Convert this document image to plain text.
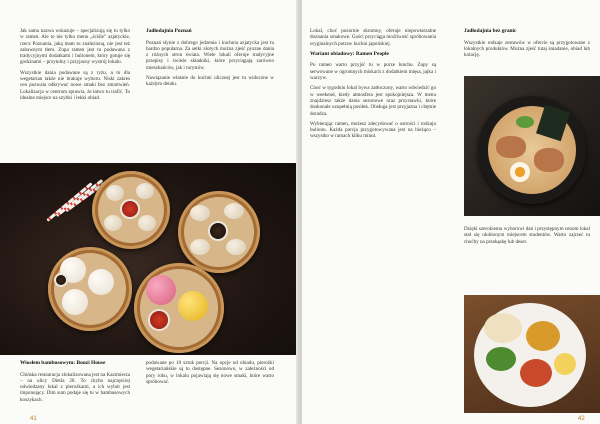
Jak sama nazwa wskazuje – specjalizują się tu tylko w ramen. Ale to nie tylko menu „ściśle” azjatyckie, rzecz Poznania, jaką mam tu znalezioną, nie jest też zabawnym tłem. Zupa ramen jest tu podawana z tradycyjnymi dodatkami i bulionem, który gotuje się godzinami – przytulny i przyjazny wystrój lokalu.

Wszystkie dania podawane są z ryżu, a to dla wegetarian także nie brakuje wyboru. Niski zakres cen pozwala odkrywać nowe smaki bez zmartwień. Lokalizacja w centrum sprawia, że łatwo tu trafić. To idealne miejsce na szybki i lekki obiad.

Jadłodajnia Poznań

Poznań słynie z dobrego jedzenia i kuchnia azjatycka jest tu bardzo popularna. Za setki złotych można zjeść pyszne dania z różnych stron świata. Wiele lokali oferuje tradycyjne przepisy i świeże składniki, które przyciągają zarówno mieszkańców, jak i turystów.

Nawiązanie właśnie do kuchni ulicznej jest tu widoczne w każdym detalu.

Wiosłem bambusowym: Bouzi House

Chińska restauracja zlokalizowana jest na Kazimierza – na ulicy Dietla 28. To chyba najczęściej odwiedzany lokal z pierożkami, a ich wybór jest imponujący. Dim sum podaje się tu w bambusowych koszykach.

podawane po 10 sztuk porcji. Na opcje od obiadu, pierożki wegetariańskie są tu dostępne. Sezonowo, w zależności od pory roku, w lokalu pojawiają się nowe smaki, które warto spróbować.

41

Lokal, choć pozornie skromny, oferuje niepowtarzalne doznania smakowe. Gości przyciąga możliwość spróbowania oryginalnych potraw kuchni japońskiej.

Wariant obiadowy: Ramen People

Po ramen warto przyjść tu w porze lunchu. Zupy są serwowane w ogromnych miskach z dodatkiem mięsa, jajka i warzyw.

Choć w tygodniu lokal bywa zatłoczony, warto odwiedzić go w weekend, kiedy atmosfera jest spokojniejsza. W menu znajdziesz także dania sezonowe oraz przystawki, które doskonale uzupełnią posiłek. Obsługa jest przyjazna i chętnie doradza.

Wybierając ramen, możesz zdecydować o ostrości i rodzaju bulionu. Każda porcja przygotowywana jest na bieżąco – wszystko w ramach kilku minut.

Jadłodajnia bez granic

Wszystkie rodzaje zestawów w ofercie są przygotowane z lokalnych produktów. Można zjeść tutaj śniadanie, obiad lub kolację.

Dzięki szerokiemu wyborowi dań i przystępnym cenom lokal stał się ulubionym miejscem studentów. Warto zajrzeć tu choćby na przekąskę lub deser.

42
